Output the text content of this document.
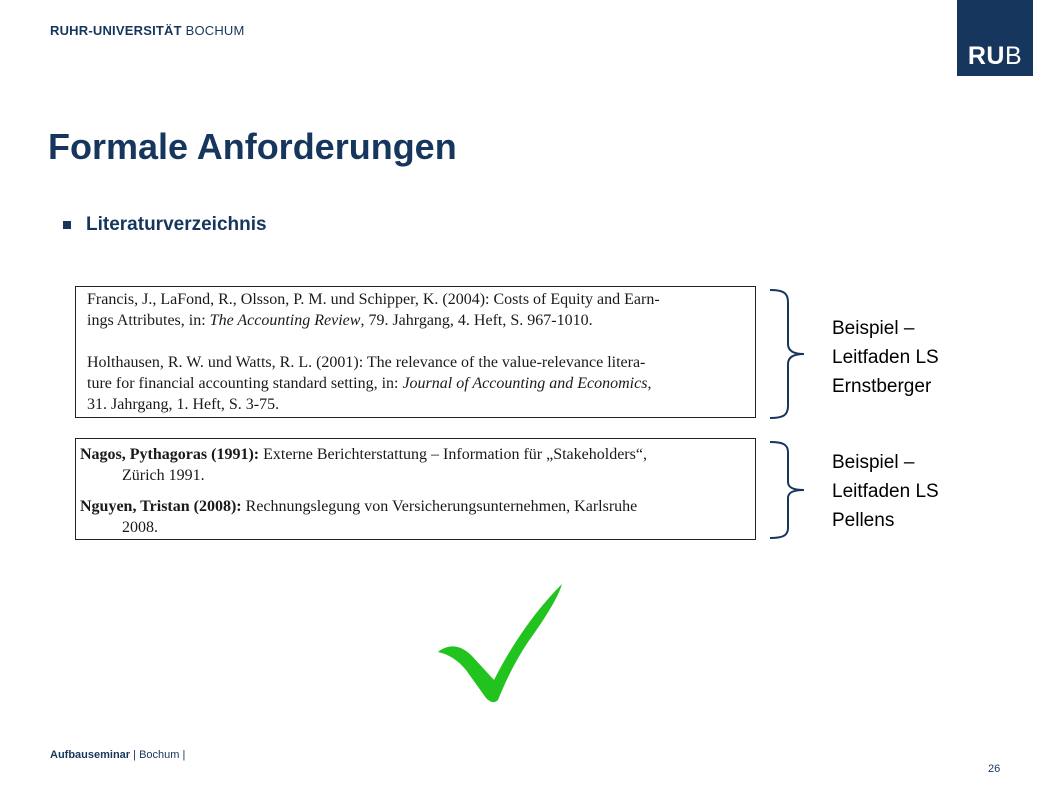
RUHR-UNIVERSITÄT BOCHUM
RUB
Formale Anforderungen
Literaturverzeichnis
Francis, J., LaFond, R., Olsson, P. M. und Schipper, K. (2004): Costs of Equity and Earn-
ings Attributes, in: The Accounting Review, 79. Jahrgang, 4. Heft, S. 967-1010.
Holthausen, R. W. und Watts, R. L. (2001): The relevance of the value-relevance litera-
ture for financial accounting standard setting, in: Journal of Accounting and Economics,
31. Jahrgang, 1. Heft, S. 3-75.
Nagos, Pythagoras (1991): Externe Berichterstattung – Information für „Stakeholders“,
Zürich 1991.
Nguyen, Tristan (2008): Rechnungslegung von Versicherungsunternehmen, Karlsruhe
2008.
Beispiel –
Leitfaden LS
Ernstberger
Beispiel –
Leitfaden LS
Pellens
Aufbauseminar | Bochum |
26
